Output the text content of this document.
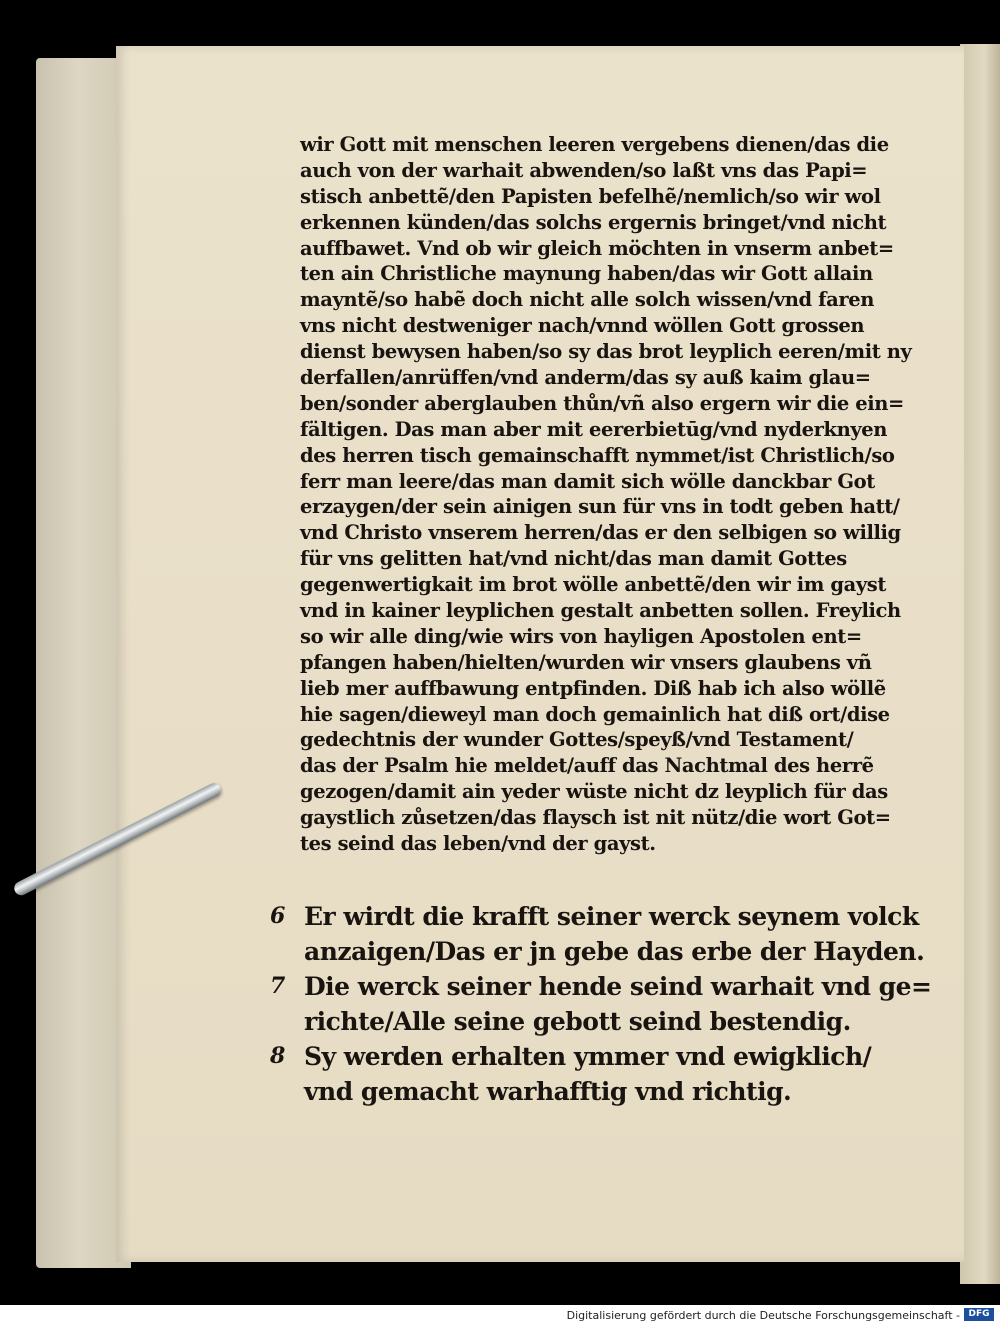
wir Gott mit menschen leeren vergebens dienen/das die
auch von der warhait abwenden/so laßt vns das Papi=
stisch anbettẽ/den Papisten befelhẽ/nemlich/so wir wol
erkennen künden/das solchs ergernis bringet/vnd nicht
auffbawet. Vnd ob wir gleich möchten in vnserm anbet=
ten ain Christliche maynung haben/das wir Gott allain
mayntẽ/so habẽ doch nicht alle solch wissen/vnd faren
vns nicht destweniger nach/vnnd wöllen Gott grossen
dienst bewysen haben/so sy das brot leyplich eeren/mit ny
derfallen/anrüffen/vnd anderm/das sy auß kaim glau=
ben/sonder aberglauben thůn/vñ also ergern wir die ein=
fältigen. Das man aber mit eererbietūg/vnd nyderknyen
des herren tisch gemainschafft nymmet/ist Christlich/so
ferr man leere/das man damit sich wölle danckbar Got
erzaygen/der sein ainigen sun für vns in todt geben hatt/
vnd Christo vnserem herren/das er den selbigen so willig
für vns gelitten hat/vnd nicht/das man damit Gottes
gegenwertigkait im brot wölle anbettẽ/den wir im gayst
vnd in kainer leyplichen gestalt anbetten sollen. Freylich
so wir alle ding/wie wirs von hayligen Apostolen ent=
pfangen haben/hielten/wurden wir vnsers glaubens vñ
lieb mer auffbawung entpfinden. Diß hab ich also wöllẽ
hie sagen/dieweyl man doch gemainlich hat diß ort/dise
gedechtnis der wunder Gottes/speyß/vnd Testament/
das der Psalm hie meldet/auff das Nachtmal des herrẽ
gezogen/damit ain yeder wüste nicht dz leyplich für das
gaystlich zůsetzen/das flaysch ist nit nütz/die wort Got=
tes seind das leben/vnd der gayst.
6 Er wirdt die krafft seiner werck seynem volck
anzaigen/Das er jn gebe das erbe der Hayden.
7 Die werck seiner hende seind warhait vnd ge=
richte/Alle seine gebott seind bestendig.
8 Sy werden erhalten ymmer vnd ewigklich/
vnd gemacht warhafftig vnd richtig.
Digitalisierung gefördert durch die Deutsche Forschungsgemeinschaft - DFG
